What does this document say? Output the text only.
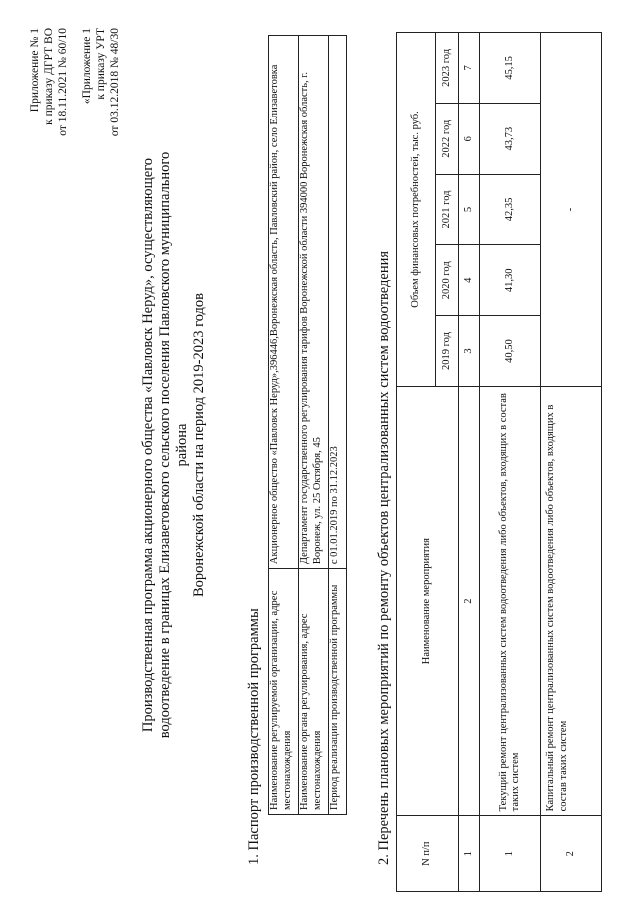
Приложение № 1 к приказу ДГРТ ВО от 18.11.2021 № 60/10 «Приложение 1 к приказу УРТ от 03.12.2018 № 48/30
Производственная программа акционерного общества «Павловск Неруд», осуществляющего водоотведение в границах Елизаветовского сельского поселения Павловского муниципального района Воронежской области на период 2019-2023 годов
1. Паспорт производственной программы Наименование регулируемой организации, адрес местонахождения	Акционерное общество «Павловск Неруд»,396446,Воронежская область, Павловский район, село Елизаветовка
Наименование органа регулирования, адрес местонахождения	Департамент государственного регулирования тарифов Воронежской области 394000 Воронежская область, г. Воронеж, ул. 25 Октября, 45
Период реализации производственной программы	с 01.01.2019 по 31.12.2023 2. Перечень плановых мероприятий по ремонту объектов централизованных систем водоотведения	N п/п	Наименование мероприятия	Объем финансовых потребностей, тыс. руб.				
		2019 год	2020 год	2021 год	2022 год	2023 год
1	2	3	4	5	6	7
1	Текущий ремонт централизованных систем водоотведения либо объектов, входящих в состав таких систем	40,50	41,30	42,35	43,73	45,15
2	Капитальный ремонт централизованных систем водоотведения либо объектов, входящих в состав таких систем	-				
